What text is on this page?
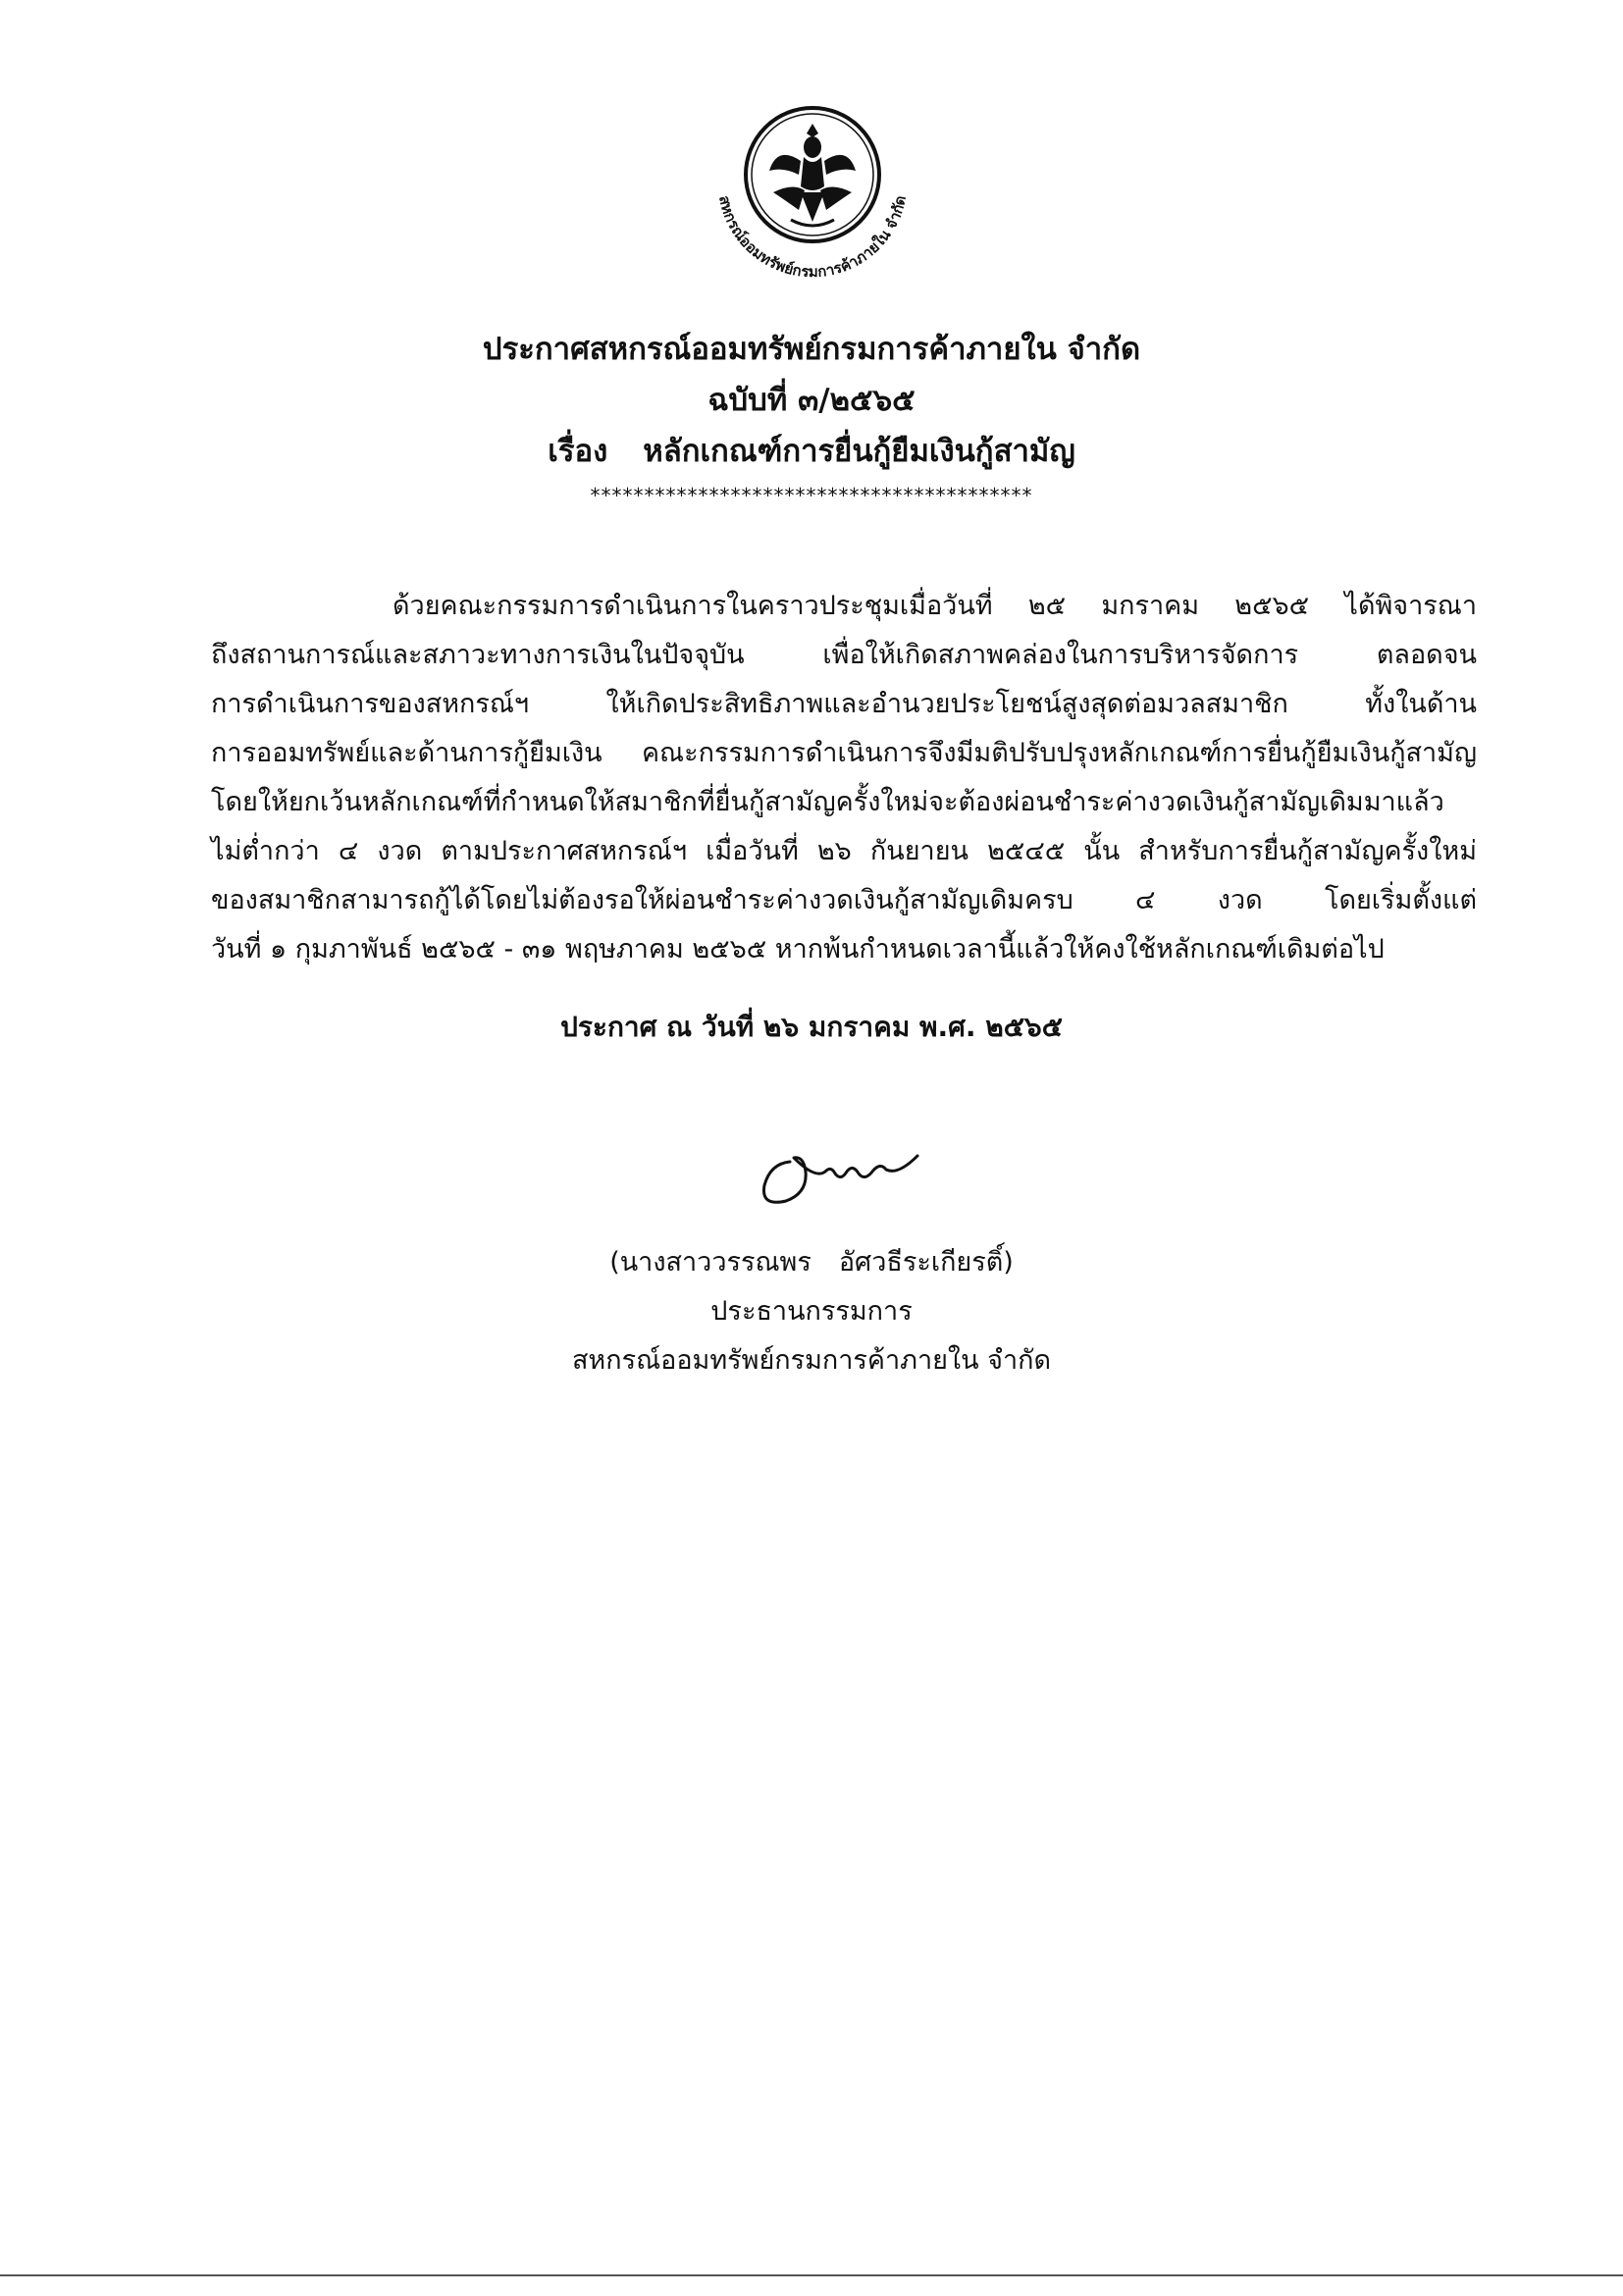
สหกรณ์ออมทรัพย์กรมการค้าภายใน จำกัด
ประกาศสหกรณ์ออมทรัพย์กรมการค้าภายใน จำกัด
ฉบับที่ ๓/๒๕๖๕
เรื่อง หลักเกณฑ์การยื่นกู้ยืมเงินกู้สามัญ
*****************************************
ด้วยคณะกรรมการดำเนินการในคราวประชุมเมื่อวันที่ ๒๕ มกราคม ๒๕๖๕ ได้พิจารณา
ถึงสถานการณ์และสภาวะทางการเงินในปัจจุบัน เพื่อให้เกิดสภาพคล่องในการบริหารจัดการ ตลอดจน
การดำเนินการของสหกรณ์ฯ ให้เกิดประสิทธิภาพและอำนวยประโยชน์สูงสุดต่อมวลสมาชิก ทั้งในด้าน
การออมทรัพย์และด้านการกู้ยืมเงิน คณะกรรมการดำเนินการจึงมีมติปรับปรุงหลักเกณฑ์การยื่นกู้ยืมเงินกู้สามัญ
โดยให้ยกเว้นหลักเกณฑ์ที่กำหนดให้สมาชิกที่ยื่นกู้สามัญครั้งใหม่จะต้องผ่อนชำระค่างวดเงินกู้สามัญเดิมมาแล้ว
ไม่ต่ำกว่า ๔ งวด ตามประกาศสหกรณ์ฯ เมื่อวันที่ ๒๖ กันยายน ๒๕๔๕ นั้น สำหรับการยื่นกู้สามัญครั้งใหม่
ของสมาชิกสามารถกู้ได้โดยไม่ต้องรอให้ผ่อนชำระค่างวดเงินกู้สามัญเดิมครบ ๔ งวด โดยเริ่มตั้งแต่
วันที่ ๑ กุมภาพันธ์ ๒๕๖๕ - ๓๑ พฤษภาคม ๒๕๖๕ หากพ้นกำหนดเวลานี้แล้วให้คงใช้หลักเกณฑ์เดิมต่อไป
ประกาศ ณ วันที่ ๒๖ มกราคม พ.ศ. ๒๕๖๕
(นางสาววรรณพร อัศวธีระเกียรติ์)
ประธานกรรมการ
สหกรณ์ออมทรัพย์กรมการค้าภายใน จำกัด
